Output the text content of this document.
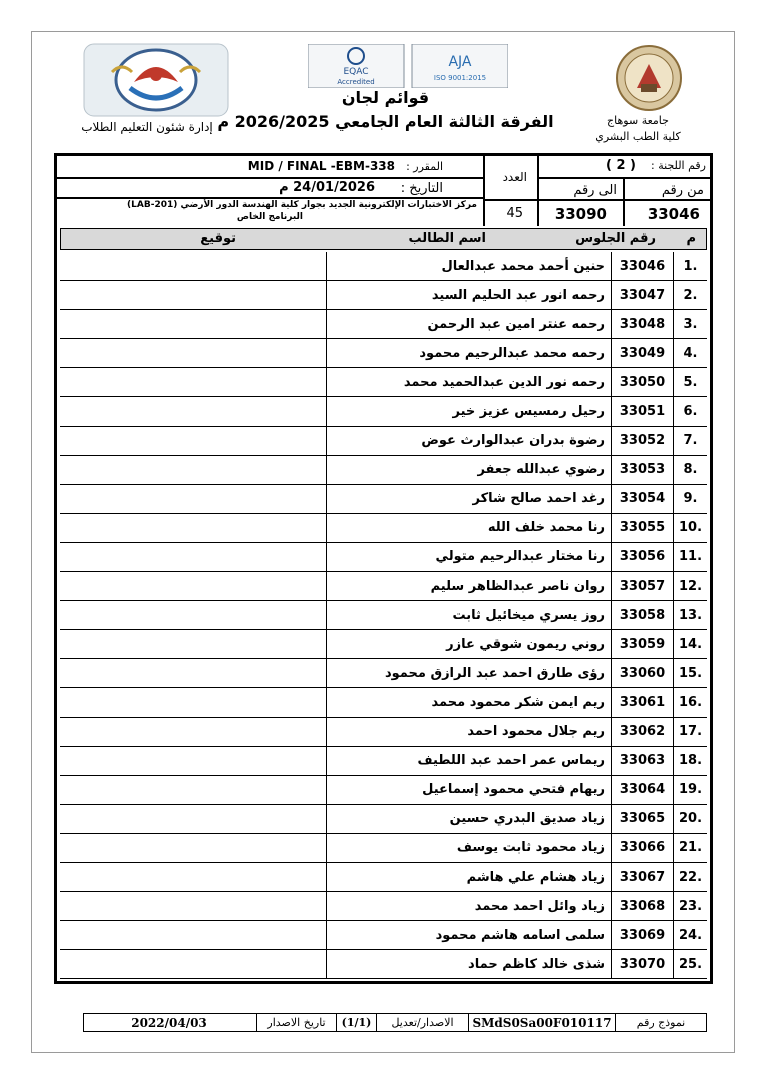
EQAC
Accredited
AJA
ISO 9001:2015
قوائم لجان
الفرقة الثالثة العام الجامعي 2026/2025 م
إدارة شئون التعليم الطلاب	جامعة سوهاج
كلية الطب البشري
رقم اللجنة :
( 2 )
من رقم
الى رقم
33046
33090
العدد
45
المقرر :
MID / FINAL -EBM-338
التاريخ :
24/01/2026 م
مركز الاختبارات الإلكترونية الجديد بجوار كلية الهندسة الدور الأرضي (LAB-201)
البرنامج الخاص
م
رقم الجلوس
اسم الطالب
توقيع
.1
33046
حنين أحمد محمد عبدالعال
.2
33047
رحمه انور عبد الحليم السيد
.3
33048
رحمه عنتر امين عبد الرحمن
.4
33049
رحمه محمد عبدالرحيم محمود
.5
33050
رحمه نور الدين عبدالحميد محمد
.6
33051
رحيل رمسيس عزيز خير
.7
33052
رضوة بدران عبدالوارث عوض
.8
33053
رضوي عبدالله جعفر
.9
33054
رغد احمد صالح شاكر
.10
33055
رنا محمد خلف الله
.11
33056
رنا مختار عبدالرحيم متولي
.12
33057
روان ناصر عبدالظاهر سليم
.13
33058
روز يسري ميخائيل ثابت
.14
33059
روني ريمون شوقي عازر
.15
33060
رؤى طارق احمد عبد الرازق محمود
.16
33061
ريم ايمن شكر محمود محمد
.17
33062
ريم جلال محمود احمد
.18
33063
ريماس عمر احمد عبد اللطيف
.19
33064
ريهام فتحي محمود إسماعيل
.20
33065
زياد صديق البدري حسين
.21
33066
زياد محمود ثابت يوسف
.22
33067
زياد هشام علي هاشم
.23
33068
زياد وائل احمد محمد
.24
33069
سلمى اسامه هاشم محمود
.25
33070
شذى خالد كاظم حماد
نموذج رقم
SMdS0Sa00F010117
الاصدار/تعديل
(1/1)
تاريخ الاصدار
2022/04/03
